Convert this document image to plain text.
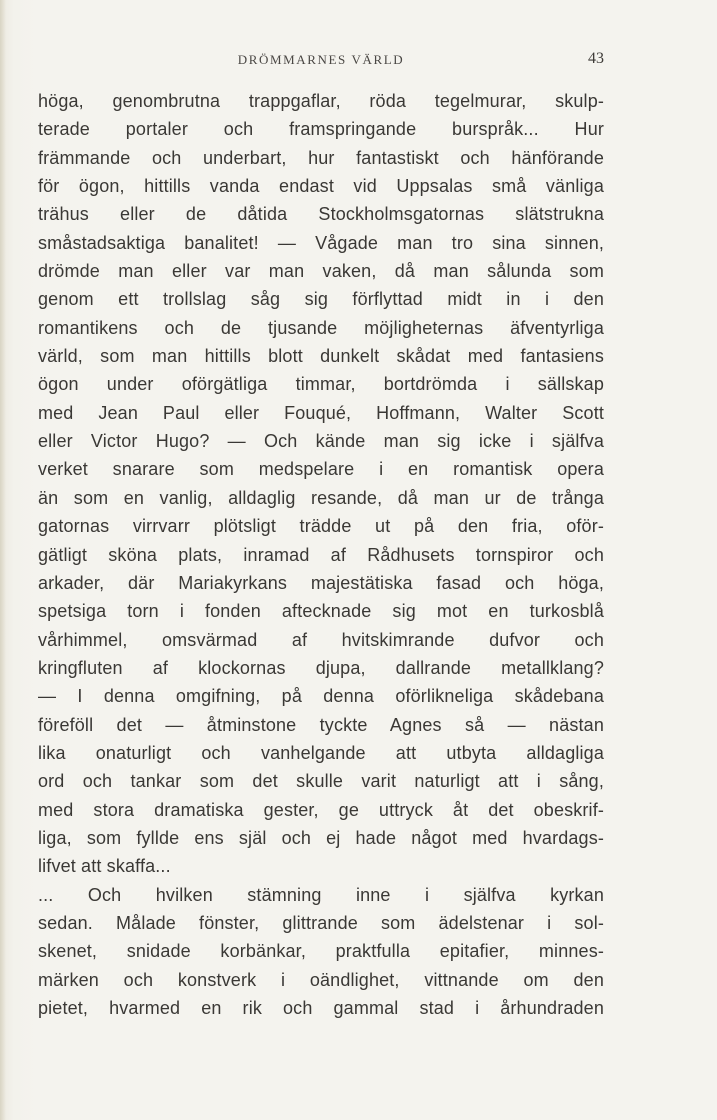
DRÖMMARNES VÄRLD	43
höga, genombrutna trappgaflar, röda tegelmurar, skulp-
terade portaler och framspringande burspråk... Hur
främmande och underbart, hur fantastiskt och hänförande
för ögon, hittills vanda endast vid Uppsalas små vänliga
trähus eller de dåtida Stockholmsgatornas slätstrukna
småstadsaktiga banalitet! — Vågade man tro sina sinnen,
drömde man eller var man vaken, då man sålunda som
genom ett trollslag såg sig förflyttad midt in i den
romantikens och de tjusande möjligheternas äfventyrliga
värld, som man hittills blott dunkelt skådat med fantasiens
ögon under oförgätliga timmar, bortdrömda i sällskap
med Jean Paul eller Fouqué, Hoffmann, Walter Scott
eller Victor Hugo? — Och kände man sig icke i själfva
verket snarare som medspelare i en romantisk opera
än som en vanlig, alldaglig resande, då man ur de trånga
gatornas virrvarr plötsligt trädde ut på den fria, oför-
gätligt sköna plats, inramad af Rådhusets tornspiror och
arkader, där Mariakyrkans majestätiska fasad och höga,
spetsiga torn i fonden aftecknade sig mot en turkosblå
vårhimmel, omsvärmad af hvitskimrande dufvor och
kringfluten af klockornas djupa, dallrande metallklang?
— I denna omgifning, på denna oförlikneliga skådebana
föreföll det — åtminstone tyckte Agnes så — nästan
lika onaturligt och vanhelgande att utbyta alldagliga
ord och tankar som det skulle varit naturligt att i sång,
med stora dramatiska gester, ge uttryck åt det obeskrif-
liga, som fyllde ens själ och ej hade något med hvardags-
lifvet att skaffa...
... Och hvilken stämning inne i själfva kyrkan
sedan. Målade fönster, glittrande som ädelstenar i sol-
skenet, snidade korbänkar, praktfulla epitafier, minnes-
märken och konstverk i oändlighet, vittnande om den
pietet, hvarmed en rik och gammal stad i århundraden
